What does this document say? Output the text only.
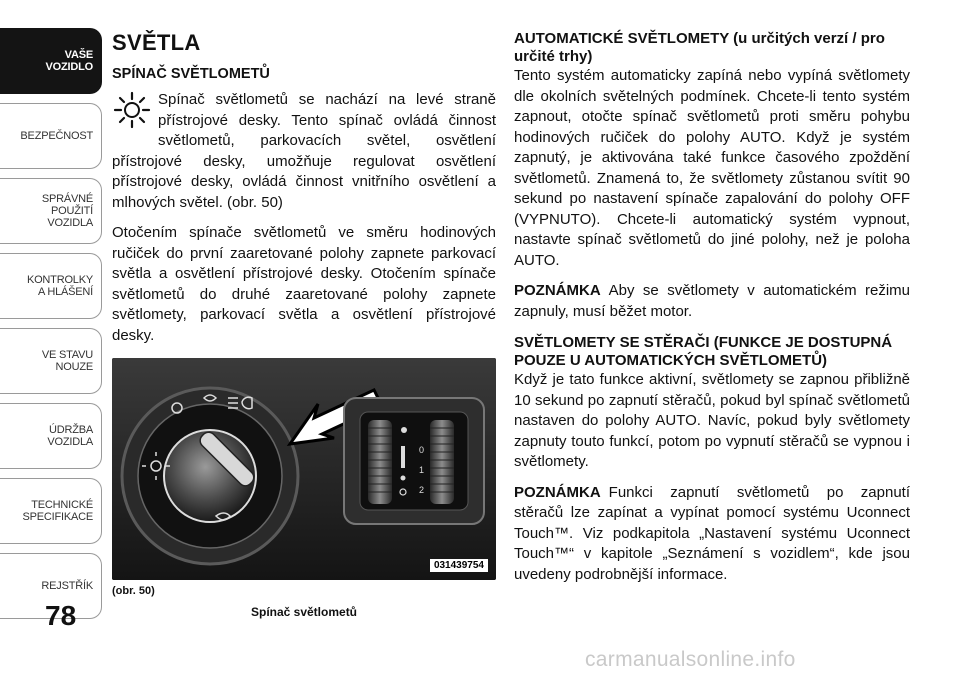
VAŠE
VOZIDLO
BEZPEČNOST
SPRÁVNÉ
POUŽITÍ
VOZIDLA
KONTROLKY
A HLÁŠENÍ
VE STAVU
NOUZE
ÚDRŽBA
VOZIDLA
TECHNICKÉ
SPECIFIKACE
REJSTŘÍK
78
SVĚTLA
SPÍNAČ SVĚTLOMETŮ

Spínač světlometů se nachází na levé straně přístrojové desky. Tento spínač ovládá činnost světlometů, parkovacích světel, osvětlení přístrojové desky, umožňuje regulovat osvětlení přístrojové desky, ovládá činnost vnitřního osvětlení a mlhových světel. (obr. 50)

Otočením spínače světlometů ve směru hodinových ručiček do první zaaretované polohy zapnete parkovací světla a osvětlení přístrojové desky. Otočením spínače světlometů do druhé zaaretované polohy zapnete světlomety, parkovací světla a osvětlení přístrojové desky.

0
1
2
031439754
(obr. 50)
Spínač světlometů
AUTOMATICKÉ SVĚTLOMETY (u určitých verzí / pro určité trhy)

Tento systém automaticky zapíná nebo vypíná světlomety dle okolních světelných podmínek. Chcete-li tento systém zapnout, otočte spínač světlometů proti směru pohybu hodinových ručiček do polohy AUTO. Když je systém zapnutý, je aktivována také funkce časového zpoždění světlometů. Znamená to, že světlomety zůstanou svítit 90 sekund po nastavení spínače zapalování do polohy OFF (VYPNUTO). Chcete-li automatický systém vypnout, nastavte spínač světlometů do jiné polohy, než je poloha AUTO.

POZNÁMKA Aby se světlomety v automatickém režimu zapnuly, musí běžet motor.

SVĚTLOMETY SE STĚRAČI (FUNKCE JE DOSTUPNÁ POUZE U AUTOMATICKÝCH SVĚTLOMETŮ)

Když je tato funkce aktivní, světlomety se zapnou přibližně 10 sekund po zapnutí stěračů, pokud byl spínač světlometů nastaven do polohy AUTO. Navíc, pokud byly světlomety zapnuty touto funkcí, potom po vypnutí stěračů se vypnou i světlomety.

POZNÁMKA Funkci zapnutí světlometů po zapnutí stěračů lze zapínat a vypínat pomocí systému Uconnect Touch™. Viz podkapitola „Nastavení systému Uconnect Touch™“ v kapitole „Seznámení s vozidlem“, kde jsou uvedeny podrobnější informace.

carmanualsonline.info
